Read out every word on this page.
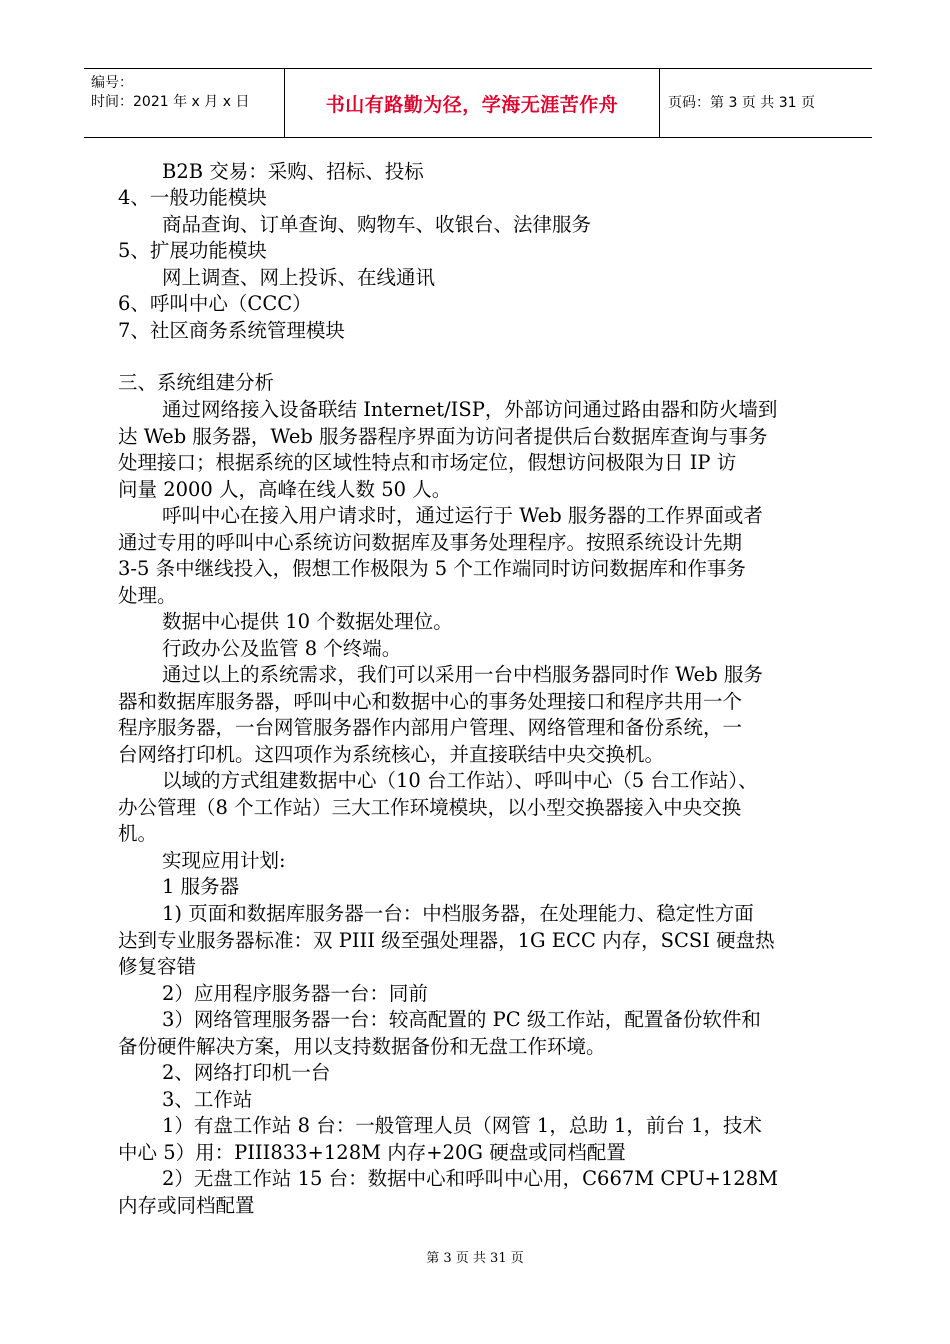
编号：
时间：2021 年 x 月 x 日	书山有路勤为径，学海无涯苦作舟	页码：第 3 页 共 31 页
B2B 交易：采购、招标、投标
4、一般功能模块
商品查询、订单查询、购物车、收银台、法律服务
5、扩展功能模块
网上调查、网上投诉、在线通讯
6、呼叫中心（CCC）
7、社区商务系统管理模块
三、系统组建分析
通过网络接入设备联结 Internet/ISP，外部访问通过路由器和防火墙到
达 Web 服务器，Web 服务器程序界面为访问者提供后台数据库查询与事务
处理接口；根据系统的区域性特点和市场定位，假想访问极限为日 IP 访
问量 2000 人，高峰在线人数 50 人。
呼叫中心在接入用户请求时，通过运行于 Web 服务器的工作界面或者
通过专用的呼叫中心系统访问数据库及事务处理程序。按照系统设计先期
3-5 条中继线投入，假想工作极限为 5 个工作端同时访问数据库和作事务
处理。
数据中心提供 10 个数据处理位。
行政办公及监管 8 个终端。
通过以上的系统需求，我们可以采用一台中档服务器同时作 Web 服务
器和数据库服务器，呼叫中心和数据中心的事务处理接口和程序共用一个
程序服务器，一台网管服务器作内部用户管理、网络管理和备份系统，一
台网络打印机。这四项作为系统核心，并直接联结中央交换机。
以域的方式组建数据中心（10 台工作站）、呼叫中心（5 台工作站）、
办公管理（8 个工作站）三大工作环境模块，以小型交换器接入中央交换
机。
实现应用计划:
1 服务器
1) 页面和数据库服务器一台：中档服务器，在处理能力、稳定性方面
达到专业服务器标准：双 PIII 级至强处理器，1G ECC 内存，SCSI 硬盘热
修复容错
2）应用程序服务器一台：同前
3）网络管理服务器一台：较高配置的 PC 级工作站，配置备份软件和
备份硬件解决方案，用以支持数据备份和无盘工作环境。
2、网络打印机一台
3、工作站
1）有盘工作站 8 台：一般管理人员（网管 1，总助 1，前台 1，技术
中心 5）用：PIII833+128M 内存+20G 硬盘或同档配置
2）无盘工作站 15 台：数据中心和呼叫中心用，C667M CPU+128M
内存或同档配置
第 3 页 共 31 页
